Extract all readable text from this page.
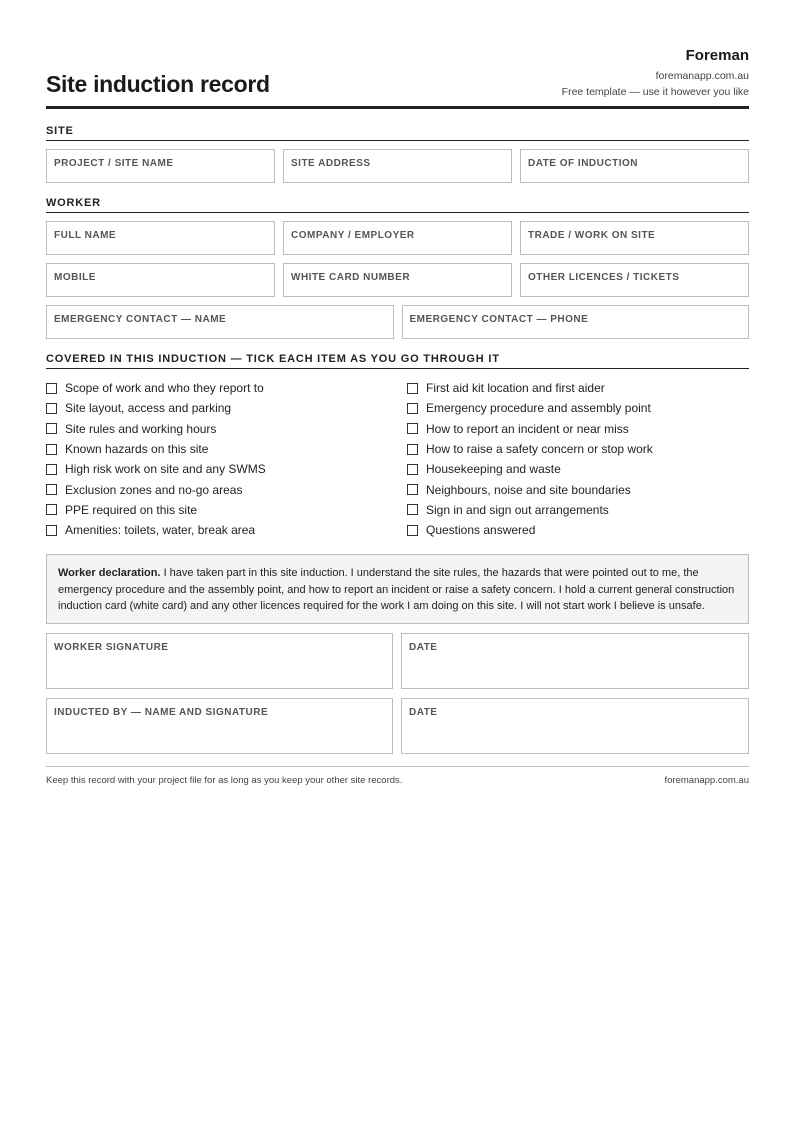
Site induction record
Foreman
foremanapp.com.au
Free template — use it however you like
SITE
PROJECT / SITE NAME	SITE ADDRESS	DATE OF INDUCTION
WORKER
FULL NAME	COMPANY / EMPLOYER	TRADE / WORK ON SITE
MOBILE	WHITE CARD NUMBER	OTHER LICENCES / TICKETS
EMERGENCY CONTACT — NAME	EMERGENCY CONTACT — PHONE
COVERED IN THIS INDUCTION — TICK EACH ITEM AS YOU GO THROUGH IT
Scope of work and who they report to
Site layout, access and parking
Site rules and working hours
Known hazards on this site
High risk work on site and any SWMS
Exclusion zones and no-go areas
PPE required on this site
Amenities: toilets, water, break area
First aid kit location and first aider
Emergency procedure and assembly point
How to report an incident or near miss
How to raise a safety concern or stop work
Housekeeping and waste
Neighbours, noise and site boundaries
Sign in and sign out arrangements
Questions answered
Worker declaration. I have taken part in this site induction. I understand the site rules, the hazards that were pointed out to me, the emergency procedure and the assembly point, and how to report an incident or raise a safety concern. I hold a current general construction induction card (white card) and any other licences required for the work I am doing on this site. I will not start work I believe is unsafe.
WORKER SIGNATURE	DATE
INDUCTED BY — NAME AND SIGNATURE	DATE
Keep this record with your project file for as long as you keep your other site records.	foremanapp.com.au
